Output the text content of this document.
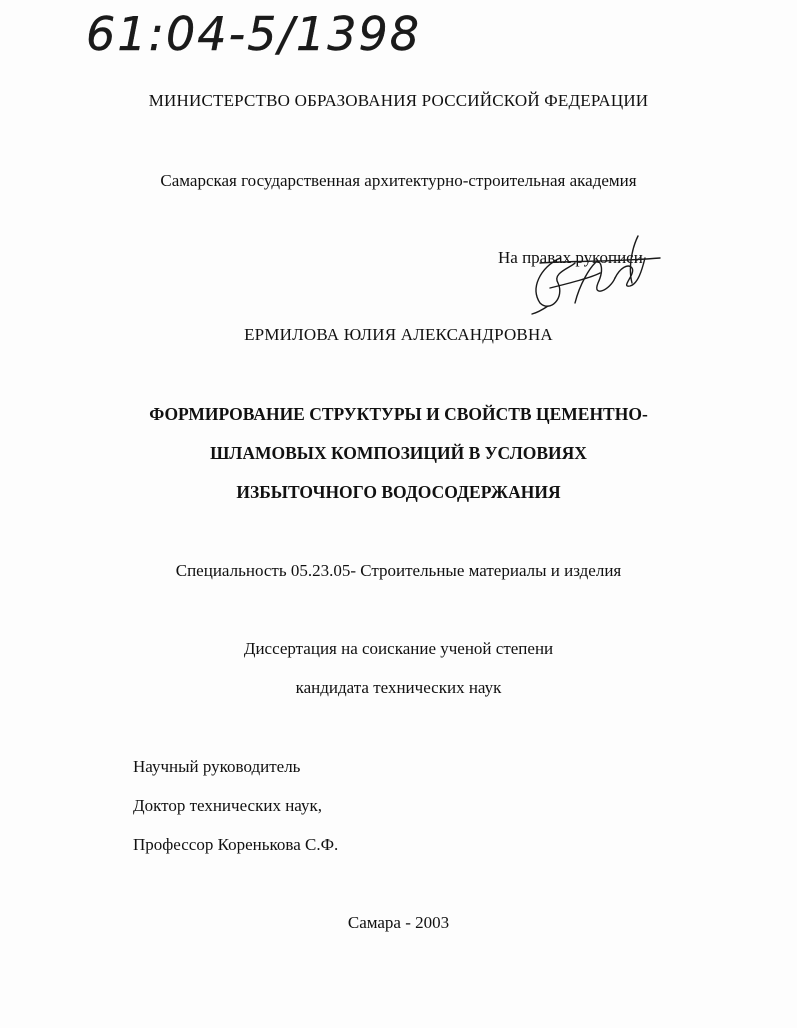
61:04-5/1398
МИНИСТЕРСТВО ОБРАЗОВАНИЯ РОССИЙСКОЙ ФЕДЕРАЦИИ
Самарская государственная архитектурно-строительная академия
На правах рукописи
ЕРМИЛОВА ЮЛИЯ АЛЕКСАНДРОВНА
ФОРМИРОВАНИЕ СТРУКТУРЫ И СВОЙСТВ ЦЕМЕНТНО-
ШЛАМОВЫХ КОМПОЗИЦИЙ В УСЛОВИЯХ
ИЗБЫТОЧНОГО ВОДОСОДЕРЖАНИЯ
Специальность 05.23.05- Строительные материалы и изделия
Диссертация на соискание ученой степени
кандидата технических наук
Научный руководитель
Доктор технических наук,
Профессор Коренькова С.Ф.
Самара - 2003
